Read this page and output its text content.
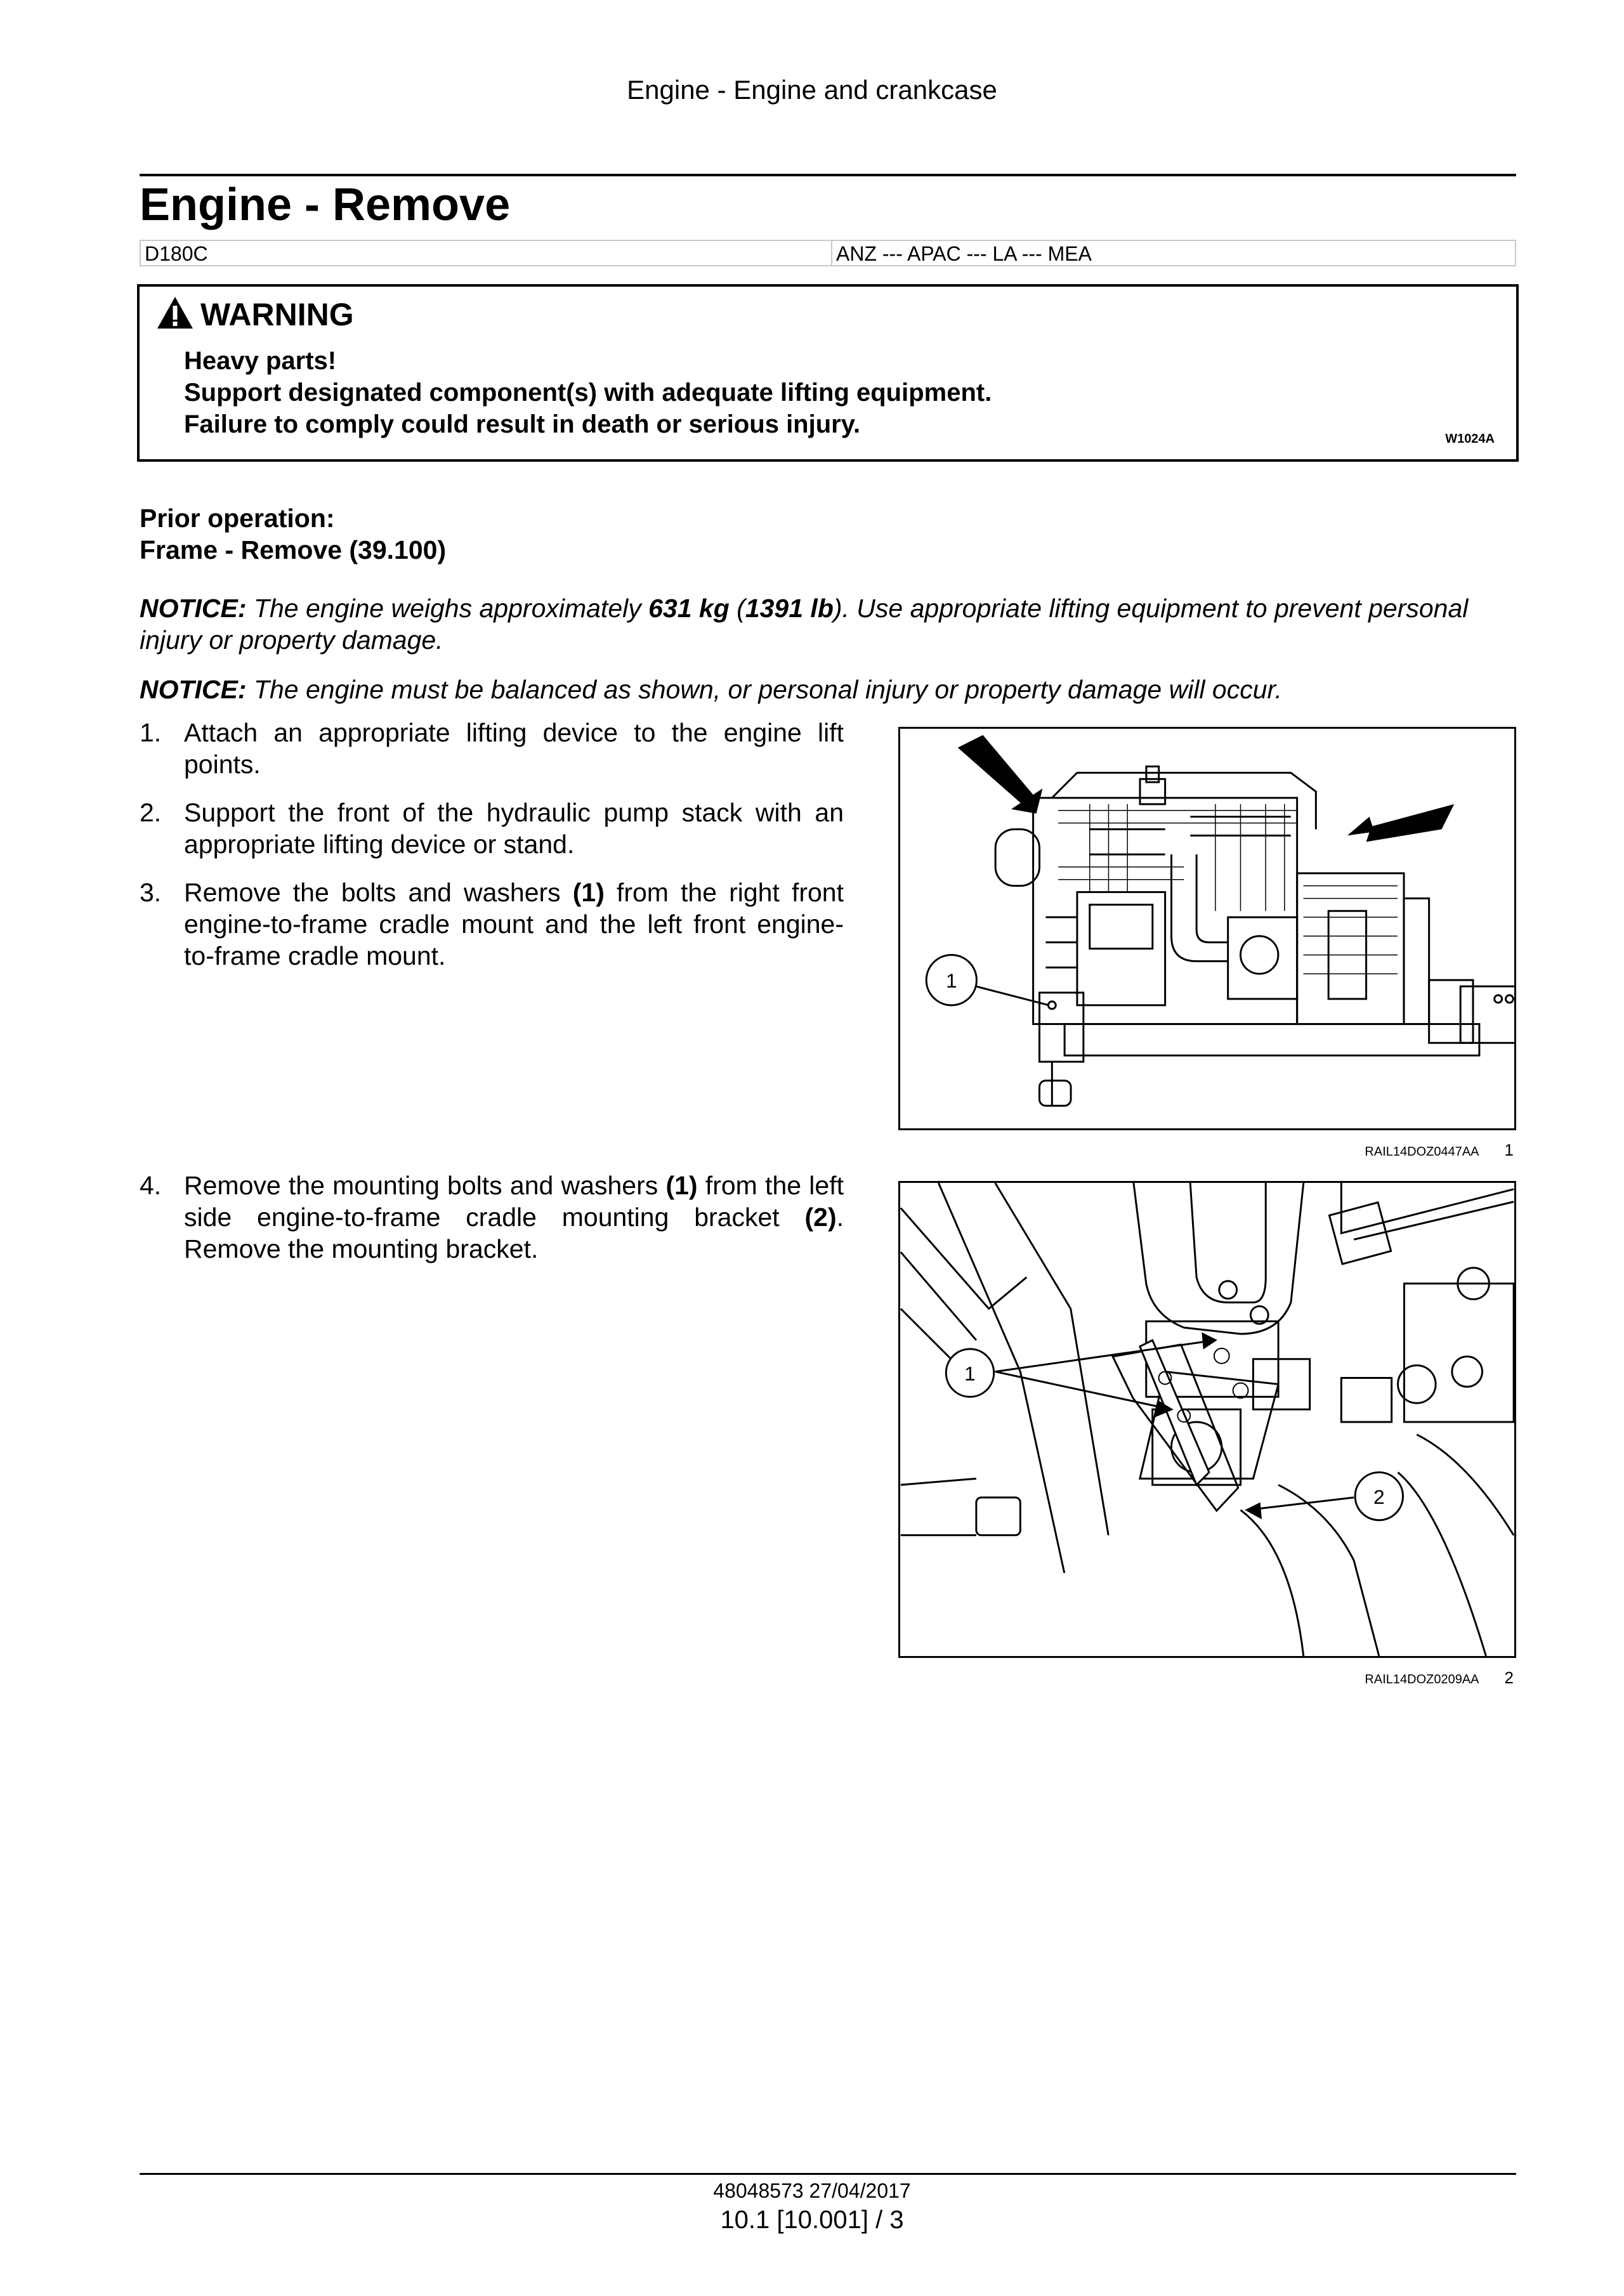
Engine - Engine and crankcase
Engine - Remove
D180C	ANZ --- APAC --- LA --- MEA
WARNING
Heavy parts!
Support designated component(s) with adequate lifting equipment.
Failure to comply could result in death or serious injury.
W1024A
Prior operation:
Frame - Remove (39.100)
NOTICE: The engine weighs approximately 631 kg (1391 lb). Use appropriate lifting equipment to prevent personal injury or property damage.
NOTICE: The engine must be balanced as shown, or personal injury or property damage will occur.
1. Attach an appropriate lifting device to the engine lift points.
2. Support the front of the hydraulic pump stack with an appropriate lifting device or stand.
3. Remove the bolts and washers (1) from the right front engine-to-frame cradle mount and the left front engine-to-frame cradle mount.
1
RAIL14DOZ0447AA 1
4. Remove the mounting bolts and washers (1) from the left side engine-to-frame cradle mounting bracket (2). Remove the mounting bracket.
1
2
RAIL14DOZ0209AA 2
48048573 27/04/2017
10.1 [10.001] / 3
